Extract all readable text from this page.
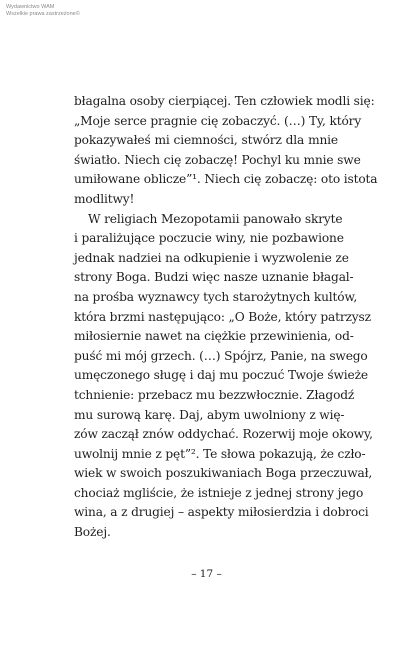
Wydawnictwo WAM
Wszelkie prawa zastrzeżone©
błagalna osoby cierpiącej. Ten człowiek modli się:
„Moje serce pragnie cię zobaczyć. (…) Ty, który
pokazywałeś mi ciemności, stwórz dla mnie
światło. Niech cię zobaczę! Pochyl ku mnie swe
umiłowane oblicze”¹. Niech cię zobaczę: oto istota
modlitwy!
W religiach Mezopotamii panowało skryte
i paraliżujące poczucie winy, nie pozbawione
jednak nadziei na odkupienie i wyzwolenie ze
strony Boga. Budzi więc nasze uznanie błagal-
na prośba wyznawcy tych starożytnych kultów,
która brzmi następująco: „O Boże, który patrzysz
miłosiernie nawet na ciężkie przewinienia, od-
puść mi mój grzech. (…) Spójrz, Panie, na swego
umęczonego sługę i daj mu poczuć Twoje świeże
tchnienie: przebacz mu bezzwłocznie. Złagodź
mu surową karę. Daj, abym uwolniony z wię-
zów zaczął znów oddychać. Rozerwij moje okowy,
uwolnij mnie z pęt”². Te słowa pokazują, że czło-
wiek w swoich poszukiwaniach Boga przeczuwał,
chociaż mgliście, że istnieje z jednej strony jego
wina, a z drugiej – aspekty miłosierdzia i dobroci
Bożej.
– 17 –
